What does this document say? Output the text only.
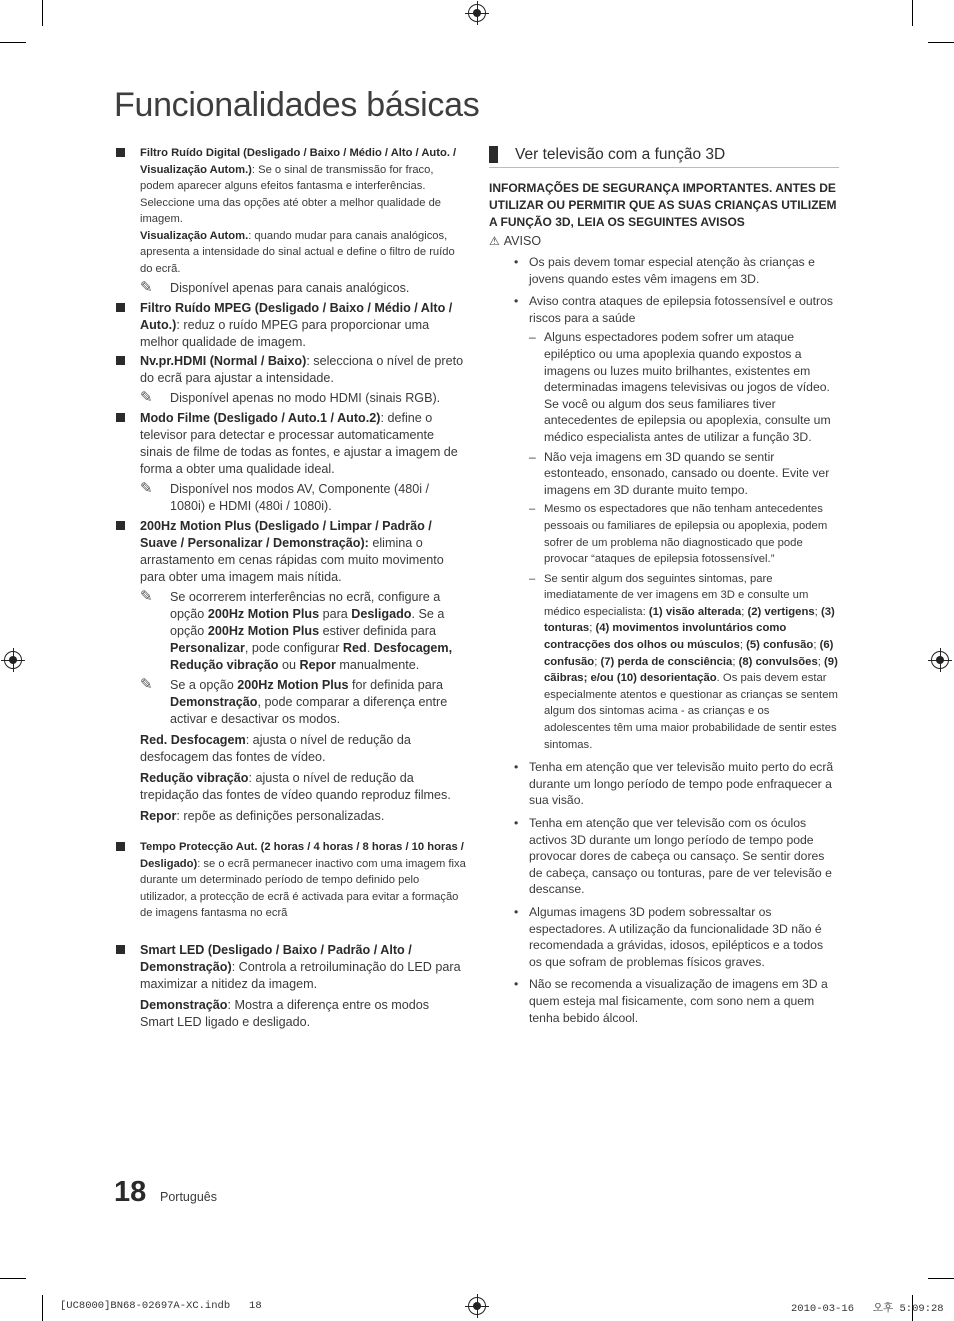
Funcionalidades básicas
Filtro Ruído Digital (Desligado / Baixo / Médio / Alto / Auto. / Visualização Autom.): Se o sinal de transmissão for fraco, podem aparecer alguns efeitos fantasma e interferências. Seleccione uma das opções até obter a melhor qualidade de imagem.
Visualização Autom.: quando mudar para canais analógicos, apresenta a intensidade do sinal actual e define o filtro de ruído do ecrã.
✎ Disponível apenas para canais analógicos.
Filtro Ruído MPEG (Desligado / Baixo / Médio / Alto / Auto.): reduz o ruído MPEG para proporcionar uma melhor qualidade de imagem.
Nv.pr.HDMI (Normal / Baixo): selecciona o nível de preto do ecrã para ajustar a intensidade.
✎ Disponível apenas no modo HDMI (sinais RGB).
Modo Filme (Desligado / Auto.1 / Auto.2): define o televisor para detectar e processar automaticamente sinais de filme de todas as fontes, e ajustar a imagem de forma a obter uma qualidade ideal.
✎ Disponível nos modos AV, Componente (480i / 1080i) e HDMI (480i / 1080i).
200Hz Motion Plus (Desligado / Limpar / Padrão / Suave / Personalizar / Demonstração): elimina o arrastamento em cenas rápidas com muito movimento para obter uma imagem mais nítida.
✎ Se ocorrerem interferências no ecrã, configure a opção 200Hz Motion Plus para Desligado. Se a opção 200Hz Motion Plus estiver definida para Personalizar, pode configurar Red. Desfocagem, Redução vibração ou Repor manualmente.
✎ Se a opção 200Hz Motion Plus for definida para Demonstração, pode comparar a diferença entre activar e desactivar os modos.
Red. Desfocagem: ajusta o nível de redução da desfocagem das fontes de vídeo.
Redução vibração: ajusta o nível de redução da trepidação das fontes de vídeo quando reproduz filmes.
Repor: repõe as definições personalizadas.
Tempo Protecção Aut. (2 horas / 4 horas / 8 horas / 10 horas / Desligado): se o ecrã permanecer inactivo com uma imagem fixa durante um determinado período de tempo definido pelo utilizador, a protecção de ecrã é activada para evitar a formação de imagens fantasma no ecrã
Smart LED (Desligado / Baixo / Padrão / Alto / Demonstração): Controla a retroiluminação do LED para maximizar a nitidez da imagem.
Demonstração: Mostra a diferença entre os modos Smart LED ligado e desligado.
Ver televisão com a função 3D
INFORMAÇÕES DE SEGURANÇA IMPORTANTES. ANTES DE UTILIZAR OU PERMITIR QUE AS SUAS CRIANÇAS UTILIZEM A FUNÇÃO 3D, LEIA OS SEGUINTES AVISOS
⚠ AVISO
• Os pais devem tomar especial atenção às crianças e jovens quando estes vêm imagens em 3D.
• Aviso contra ataques de epilepsia fotossensível e outros riscos para a saúde
– Alguns espectadores podem sofrer um ataque epiléptico ou uma apoplexia quando expostos a imagens ou luzes muito brilhantes, existentes em determinadas imagens televisivas ou jogos de vídeo. Se você ou algum dos seus familiares tiver antecedentes de epilepsia ou apoplexia, consulte um médico especialista antes de utilizar a função 3D.
– Não veja imagens em 3D quando se sentir estonteado, ensonado, cansado ou doente. Evite ver imagens em 3D durante muito tempo.
– Mesmo os espectadores que não tenham antecedentes pessoais ou familiares de epilepsia ou apoplexia, podem sofrer de um problema não diagnosticado que pode provocar “ataques de epilepsia fotossensível.”
– Se sentir algum dos seguintes sintomas, pare imediatamente de ver imagens em 3D e consulte um médico especialista: (1) visão alterada; (2) vertigens; (3) tonturas; (4) movimentos involuntários como contracções dos olhos ou músculos; (5) confusão; (6) confusão; (7) perda de consciência; (8) convulsões; (9) cãibras; e/ou (10) desorientação. Os pais devem estar especialmente atentos e questionar as crianças se sentem algum dos sintomas acima - as crianças e os adolescentes têm uma maior probabilidade de sentir estes sintomas.
• Tenha em atenção que ver televisão muito perto do ecrã durante um longo período de tempo pode enfraquecer a sua visão.
• Tenha em atenção que ver televisão com os óculos activos 3D durante um longo período de tempo pode provocar dores de cabeça ou cansaço. Se sentir dores de cabeça, cansaço ou tonturas, pare de ver televisão e descanse.
• Algumas imagens 3D podem sobressaltar os espectadores. A utilização da funcionalidade 3D não é recomendada a grávidas, idosos, epilépticos e a todos os que sofram de problemas físicos graves.
• Não se recomenda a visualização de imagens em 3D a quem esteja mal fisicamente, com sono nem a quem tenha bebido álcool.
18 Português
[UC8000]BN68-02697A-XC.indb   18	2010-03-16   오후 5:09:28
